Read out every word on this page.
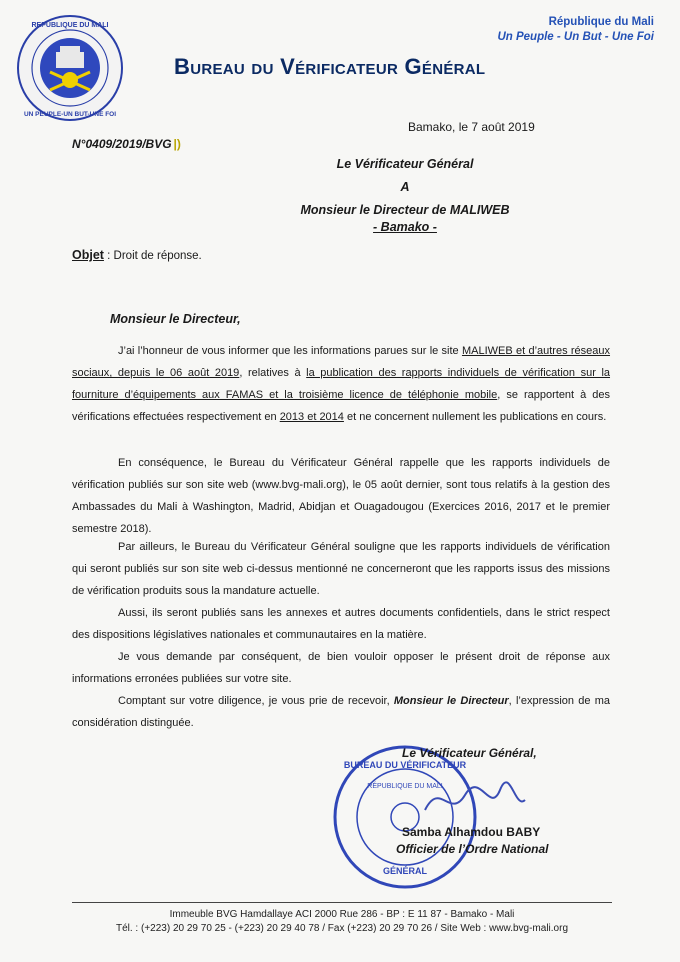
REPUBLIQUE DU MALI
UN PEUPLE-UN BUT-UNE FOI
République du Mali
Un Peuple - Un But - Une Foi
Bureau du Vérificateur Général
Bamako, le 7 août 2019
N°0409/2019/BVG |)
Le Vérificateur Général
A
Monsieur le Directeur de MALIWEB
- Bamako -
Objet : Droit de réponse.
Monsieur le Directeur,
J’ai l’honneur de vous informer que les informations parues sur le site MALIWEB et d’autres réseaux sociaux, depuis le 06 août 2019, relatives à la publication des rapports individuels de vérification sur la fourniture d’équipements aux FAMAS et la troisième licence de téléphonie mobile, se rapportent à des vérifications effectuées respectivement en 2013 et 2014 et ne concernent nullement les publications en cours.
En conséquence, le Bureau du Vérificateur Général rappelle que les rapports individuels de vérification publiés sur son site web (www.bvg-mali.org), le 05 août dernier, sont tous relatifs à la gestion des Ambassades du Mali à Washington, Madrid, Abidjan et Ouagadougou (Exercices 2016, 2017 et le premier semestre 2018).
Par ailleurs, le Bureau du Vérificateur Général souligne que les rapports individuels de vérification qui seront publiés sur son site web ci-dessus mentionné ne concerneront que les rapports issus des missions de vérification produits sous la mandature actuelle.
Aussi, ils seront publiés sans les annexes et autres documents confidentiels, dans le strict respect des dispositions législatives nationales et communautaires en la matière.
Je vous demande par conséquent, de bien vouloir opposer le présent droit de réponse aux informations erronées publiées sur votre site.
Comptant sur votre diligence, je vous prie de recevoir, Monsieur le Directeur, l’expression de ma considération distinguée.
BUREAU DU VÉRIFICATEUR
GÉNÉRAL
RÉPUBLIQUE DU MALI
Le Vérificateur Général,
Samba Alhamdou BABY
Officier de l’Ordre National
Immeuble BVG Hamdallaye ACI 2000 Rue 286 - BP : E 11 87 - Bamako - Mali
Tél. : (+223) 20 29 70 25 - (+223) 20 29 40 78 / Fax (+223) 20 29 70 26 / Site Web : www.bvg-mali.org
